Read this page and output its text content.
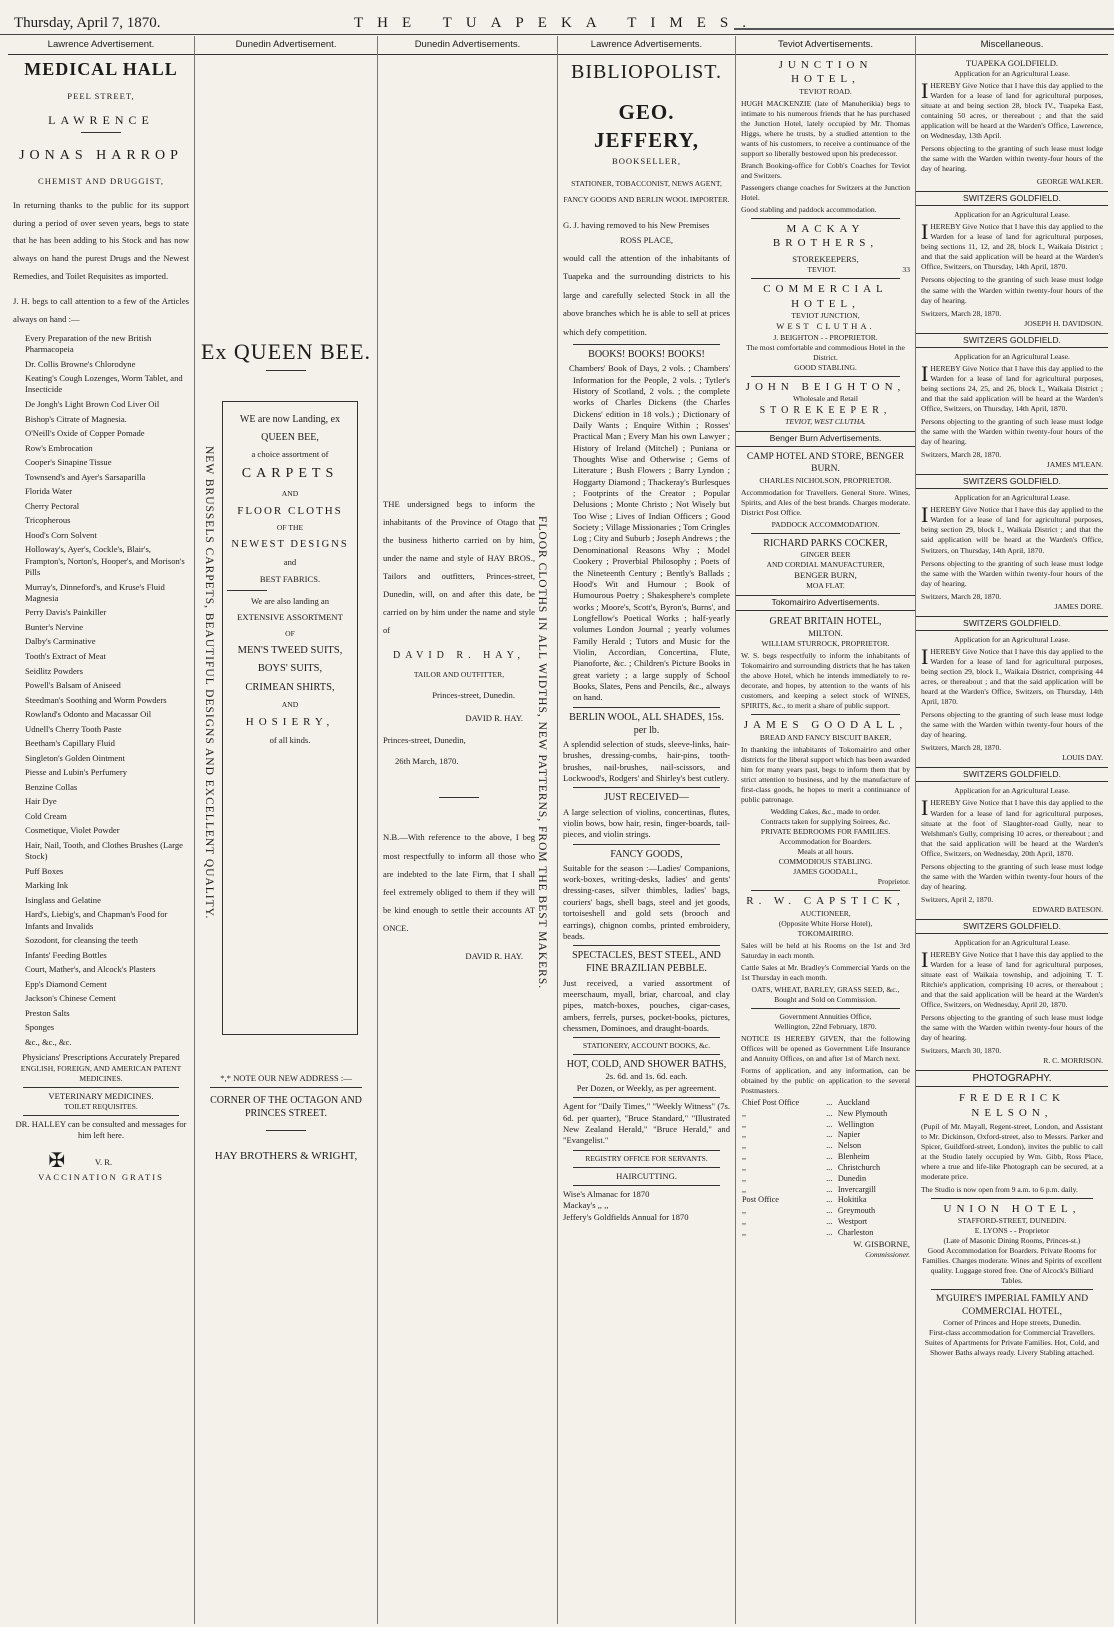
Thursday, April 7, 1870.	THE TUAPEKA TIMES.
Lawrence Advertisement.
MEDICAL HALL
PEEL STREET,
LAWRENCE
JONAS HARROP
CHEMIST AND DRUGGIST,
In returning thanks to the public for its support during a period of over seven years, begs to state that he has been adding to his Stock and has now always on hand the purest Drugs and the Newest Remedies, and Toilet Requisites as imported.
J. H. begs to call attention to a few of the Articles always on hand :—
Every Preparation of the new British Pharmacopeia
Dr. Collis Browne's Chlorodyne
Keating's Cough Lozenges, Worm Tablet, and Insecticide
De Jongh's Light Brown Cod Liver Oil
Bishop's Citrate of Magnesia.
O'Neill's Oxide of Copper Pomade
Row's Embrocation
Cooper's Sinapine Tissue
Townsend's and Ayer's Sarsaparilla
Florida Water
Cherry Pectoral
Tricopherous
Hood's Corn Solvent
Holloway's, Ayer's, Cockle's, Blair's, Frampton's, Norton's, Hooper's, and Morison's Pills
Murray's, Dinneford's, and Kruse's Fluid Magnesia
Perry Davis's Painkiller
Bunter's Nervine
Dalby's Carminative
Tooth's Extract of Meat
Seidlitz Powders
Powell's Balsam of Aniseed
Steedman's Soothing and Worm Powders
Rowland's Odonto and Macassar Oil
Udnell's Cherry Tooth Paste
Beetham's Capillary Fluid
Singleton's Golden Ointment
Piesse and Lubin's Perfumery
Benzine Collas
Hair Dye
Cold Cream
Cosmetique, Violet Powder
Hair, Nail, Tooth, and Clothes Brushes (Large Stock)
Puff Boxes
Marking Ink
Isinglass and Gelatine
Hard's, Liebig's, and Chapman's Food for Infants and Invalids
Sozodont, for cleansing the teeth
Infants' Feeding Bottles
Court, Mather's, and Alcock's Plasters
Epp's Diamond Cement
Jackson's Chinese Cement
Preston Salts
Sponges
&c., &c., &c.
Physicians' Prescriptions Accurately Prepared
ENGLISH, FOREIGN, AND AMERICAN PATENT MEDICINES.
VETERINARY MEDICINES.
TOILET REQUISITES.
DR. HALLEY can be consulted and messages for him left here.
V. R. ✠
VACCINATION GRATIS
Dunedin Advertisement.
Ex QUEEN BEE.
NEW BRUSSELS CARPETS, BEAUTIFUL DESIGNS AND EXCELLENT QUALITY.
WE are now Landing, ex
QUEEN BEE,
a choice assortment of
CARPETS
AND
FLOOR CLOTHS
OF THE
NEWEST DESIGNS
and
BEST FABRICS.
We are also landing an
EXTENSIVE ASSORTMENT
OF
MEN'S TWEED SUITS,
BOYS' SUITS,
CRIMEAN SHIRTS,
AND
HOSIERY,
of all kinds.
*,* NOTE OUR NEW ADDRESS :—
CORNER OF THE OCTAGON AND PRINCES STREET.
HAY BROTHERS & WRIGHT,
Dunedin Advertisements.
FLOOR CLOTHS IN ALL WIDTHS, NEW PATTERNS, FROM THE BEST MAKERS.
THE undersigned begs to inform the inhabitants of the Province of Otago that the business hitherto carried on by him, under the name and style of HAY BROS., Tailors and outfitters, Princes-street, Dunedin, will, on and after this date, be carried on by him under the name and style of
DAVID R. HAY,
TAILOR AND OUTFITTER,
Princes-street, Dunedin.
DAVID R. HAY.
Princes-street, Dunedin,
26th March, 1870.
N.B.—With reference to the above, I beg most respectfully to inform all those who are indebted to the late Firm, that I shall feel extremely obliged to them if they will be kind enough to settle their accounts AT ONCE.
DAVID R. HAY.
Lawrence Advertisements.
BIBLIOPOLIST.
GEO. JEFFERY,
BOOKSELLER,
STATIONER, TOBACCONIST, NEWS AGENT, FANCY GOODS AND BERLIN WOOL IMPORTER.
G. J. having removed to his New Premises
ROSS PLACE,
would call the attention of the inhabitants of Tuapeka and the surrounding districts to his large and carefully selected Stock in all the above branches which he is able to sell at prices which defy competition.
BOOKS! BOOKS! BOOKS!
Chambers' Book of Days, 2 vols. ; Chambers' Information for the People, 2 vols. ; Tytler's History of Scotland, 2 vols. ; the complete works of Charles Dickens (the Charles Dickens' edition in 18 vols.) ; Dictionary of Daily Wants ; Enquire Within ; Rosses' Practical Man ; Every Man his own Lawyer ; History of Ireland (Mitchel) ; Puniana or Thoughts Wise and Otherwise ; Gems of Literature ; Bush Flowers ; Barry Lyndon ; Hoggarty Diamond ; Thackeray's Burlesques ; Footprints of the Creator ; Popular Delusions ; Monte Christo ; Not Wisely but Too Wise ; Lives of Indian Officers ; Good Society ; Village Missionaries ; Tom Cringles Log ; City and Suburb ; Joseph Andrews ; the Denominational Reasons Why ; Model Cookery ; Proverbial Philosophy ; Poets of the Nineteenth Century ; Bently's Ballads ; Hood's Wit and Humour ; Book of Humourous Poetry ; Shakesphere's complete works ; Moore's, Scott's, Byron's, Burns', and Longfellow's Poetical Works ; half-yearly volumes London Journal ; yearly volumes Family Herald ; Tutors and Music for the Violin, Accordian, Concertina, Flute, Pianoforte, &c. ; Children's Picture Books in great variety ; a large supply of School Books, Slates, Pens and Pencils, &c., always on hand.
BERLIN WOOL, ALL SHADES, 15s. per lb.
A splendid selection of studs, sleeve-links, hair-brushes, dressing-combs, hair-pins, tooth-brushes, nail-brushes, nail-scissors, and Lockwood's, Rodgers' and Shirley's best cutlery.
JUST RECEIVED—
A large selection of violins, concertinas, flutes, violin bows, bow hair, resin, finger-boards, tail-pieces, and violin strings.
FANCY GOODS,
Suitable for the season :—Ladies' Companions, work-boxes, writing-desks, ladies' and gents' dressing-cases, silver thimbles, ladies' bags, couriers' bags, shell bags, steel and jet goods, tortoiseshell and gold sets (brooch and earrings), chignon combs, printed embroidery, beads.
SPECTACLES, BEST STEEL, AND FINE BRAZILIAN PEBBLE.
Just received, a varied assortment of meerschaum, myall, briar, charcoal, and clay pipes, match-boxes, pouches, cigar-cases, ambers, ferrels, purses, pocket-books, pictures, chessmen, Dominoes, and draught-boards.
STATIONERY, ACCOUNT BOOKS, &c.
HOT, COLD, AND SHOWER BATHS,
2s. 6d. and 1s. 6d. each.
Per Dozen, or Weekly, as per agreement.
Agent for "Daily Times," "Weekly Witness" (7s. 6d. per quarter), "Bruce Standard," "Illustrated New Zealand Herald," "Bruce Herald," and "Evangelist."
REGISTRY OFFICE FOR SERVANTS.
HAIRCUTTING.
Wise's Almanac for 1870
Mackay's ,, ,,
Jeffery's Goldfields Annual for 1870
Teviot Advertisements.
JUNCTION HOTEL,
TEVIOT ROAD.
HUGH MACKENZIE (late of Manuherikia) begs to intimate to his numerous friends that he has purchased the Junction Hotel, lately occupied by Mr. Thomas Higgs, where he trusts, by a studied attention to the wants of his customers, to receive a continuance of the support so liberally bestowed upon his predecessor.
Branch Booking-office for Cobb's Coaches for Teviot and Switzers.
Passengers change coaches for Switzers at the Junction Hotel.
Good stabling and paddock accommodation.
MACKAY BROTHERS,
STOREKEEPERS,
TEVIOT.	33
COMMERCIAL HOTEL,
TEVIOT JUNCTION,
WEST CLUTHA.
J. BEIGHTON - - PROPRIETOR.
The most comfortable and commodious Hotel in the District.
GOOD STABLING.
JOHN BEIGHTON,
Wholesale and Retail
STOREKEEPER,
TEVIOT, WEST CLUTHA.
Benger Burn Advertisements.
CAMP HOTEL AND STORE, BENGER BURN.
CHARLES NICHOLSON, PROPRIETOR.
Accommodation for Travellers. General Store. Wines, Spirits, and Ales of the best brands. Charges moderate. District Post Office.
PADDOCK ACCOMMODATION.
RICHARD PARKS COCKER,
GINGER BEER
AND CORDIAL MANUFACTURER,
BENGER BURN,
MOA FLAT.
Tokomairiro Advertisements.
GREAT BRITAIN HOTEL,
MILTON.
WILLIAM STURROCK, PROPRIETOR.
W. S. begs respectfully to inform the inhabitants of Tokomairiro and surrounding districts that he has taken the above Hotel, which he intends immediately to re-decorate, and hopes, by attention to the wants of his customers, and keeping a select stock of WINES, SPIRITS, &c., to merit a share of public support.
JAMES GOODALL,
BREAD AND FANCY BISCUIT BAKER,
In thanking the inhabitants of Tokomairiro and other districts for the liberal support which has been awarded him for many years past, begs to inform them that by strict attention to business, and by the manufacture of first-class goods, he hopes to merit a continuance of public patronage.
Wedding Cakes, &c., made to order.
Contracts taken for supplying Soirees, &c.
PRIVATE BEDROOMS FOR FAMILIES.
Accommodation for Boarders.
Meals at all hours.
COMMODIOUS STABLING.
JAMES GOODALL,
Proprietor.
R. W. CAPSTICK,
AUCTIONEER,
(Opposite White Horse Hotel),
TOKOMAIRIRO.
Sales will be held at his Rooms on the 1st and 3rd Saturday in each month.
Cattle Sales at Mr. Bradley's Commercial Yards on the 1st Thursday in each month.
OATS, WHEAT, BARLEY, GRASS SEED, &c., Bought and Sold on Commission.
Government Annuities Office,
Wellington, 22nd February, 1870.
NOTICE IS HEREBY GIVEN, that the following Offices will be opened as Government Life Insurance and Annuity Offices, on and after 1st of March next.
Forms of application, and any information, can be obtained by the public on application to the several Postmasters.
Chief Post Office	...	Auckland
,,	...	New Plymouth
,,	...	Wellington
,,	...	Napier
,,	...	Nelson
,,	...	Blenheim
,,	...	Christchurch
,,	...	Dunedin
,,	...	Invercargill
Post Office	...	Hokitika
,,	...	Greymouth
,,	...	Westport
,,	...	Charleston
W. GISBORNE,
Commissioner.
Miscellaneous.
TUAPEKA GOLDFIELD.
Application for an Agricultural Lease.
IHEREBY Give Notice that I have this day applied to the Warden for a lease of land for agricultural purposes, situate at and being section 28, block IV., Tuapeka East, containing 50 acres, or thereabout ; and that the said application will be heard at the Warden's Office, Lawrence, on Wednesday, 13th April.
Persons objecting to the granting of such lease must lodge the same with the Warden within twenty-four hours of the day of hearing.
GEORGE WALKER.
SWITZERS GOLDFIELD.
Application for an Agricultural Lease.
IHEREBY Give Notice that I have this day applied to the Warden for a lease of land for agricultural purposes, being sections 11, 12, and 28, block I., Waikaia District ; and that the said application will be heard at the Warden's Office, Switzers, on Thursday, 14th April, 1870.
Persons objecting to the granting of such lease must lodge the same with the Warden within twenty-four hours of the day of hearing.
Switzers, March 28, 1870.
JOSEPH H. DAVIDSON.
SWITZERS GOLDFIELD.
Application for an Agricultural Lease.
IHEREBY Give Notice that I have this day applied to the Warden for a lease of land for agricultural purposes, being sections 24, 25, and 26, block I., Waikaia District ; and that the said application will be heard at the Warden's Office, Switzers, on Thursday, 14th April, 1870.
Persons objecting to the granting of such lease must lodge the same with the Warden within twenty-four hours of the day of hearing.
Switzers, March 28, 1870.
JAMES M'LEAN.
SWITZERS GOLDFIELD.
Application for an Agricultural Lease.
IHEREBY Give Notice that I have this day applied to the Warden for a lease of land for agricultural purposes, being section 29, block I., Waikaia District ; and that the said application will be heard at the Warden's Office, Switzers, on Thursday, 14th April, 1870.
Persons objecting to the granting of such lease must lodge the same with the Warden within twenty-four hours of the day of hearing.
Switzers, March 28, 1870.
JAMES DORE.
SWITZERS GOLDFIELD.
Application for an Agricultural Lease.
IHEREBY Give Notice that I have this day applied to the Warden for a lease of land for agricultural purposes, being section 29, block I., Waikaia District, comprising 44 acres, or thereabout ; and that the said application will be heard at the Warden's Office, Switzers, on Thursday, 14th April, 1870.
Persons objecting to the granting of such lease must lodge the same with the Warden within twenty-four hours of the day of hearing.
Switzers, March 28, 1870.
LOUIS DAY.
SWITZERS GOLDFIELD.
Application for an Agricultural Lease.
IHEREBY Give Notice that I have this day applied to the Warden for a lease of land for agricultural purposes, situate at the foot of Slaughter-road Gully, near to Welshman's Gully, comprising 10 acres, or thereabout ; and that the said application will be heard at the Warden's Office, Switzers, on Wednesday, 20th April, 1870.
Persons objecting to the granting of such lease must lodge the same with the Warden within twenty-four hours of the day of hearing.
Switzers, April 2, 1870.
EDWARD BATESON.
SWITZERS GOLDFIELD.
Application for an Agricultural Lease.
IHEREBY Give Notice that I have this day applied to the Warden for a lease of land for agricultural purposes, situate east of Waikaia township, and adjoining T. T. Ritchie's application, comprising 10 acres, or thereabout ; and that the said application will be heard at the Warden's Office, Switzers, on Wednesday, April 20, 1870.
Persons objecting to the granting of such lease must lodge the same with the Warden within twenty-four hours of the day of hearing.
Switzers, March 30, 1870.
R. C. MORRISON.
PHOTOGRAPHY.
FREDERICK NELSON,
(Pupil of Mr. Mayall, Regent-street, London, and Assistant to Mr. Dickinson, Oxford-street, also to Messrs. Parker and Spicer, Guildford-street, London), invites the public to call at the Studio lately occupied by Wm. Gibb, Ross Place, where a true and life-like Photograph can be secured, at a moderate price.
The Studio is now open from 9 a.m. to 6 p.m. daily.
UNION HOTEL,
STAFFORD-STREET, DUNEDIN.
E. LYONS - - Proprietor
(Late of Masonic Dining Rooms, Princes-st.)
Good Accommodation for Boarders. Private Rooms for Families. Charges moderate. Wines and Spirits of excellent quality. Luggage stored free. One of Alcock's Billiard Tables.
M'GUIRE'S IMPERIAL FAMILY AND COMMERCIAL HOTEL,
Corner of Princes and Hope streets, Dunedin.
First-class accommodation for Commercial Travellers.
Suites of Apartments for Private Families. Hot, Cold, and Shower Baths always ready. Livery Stabling attached.
